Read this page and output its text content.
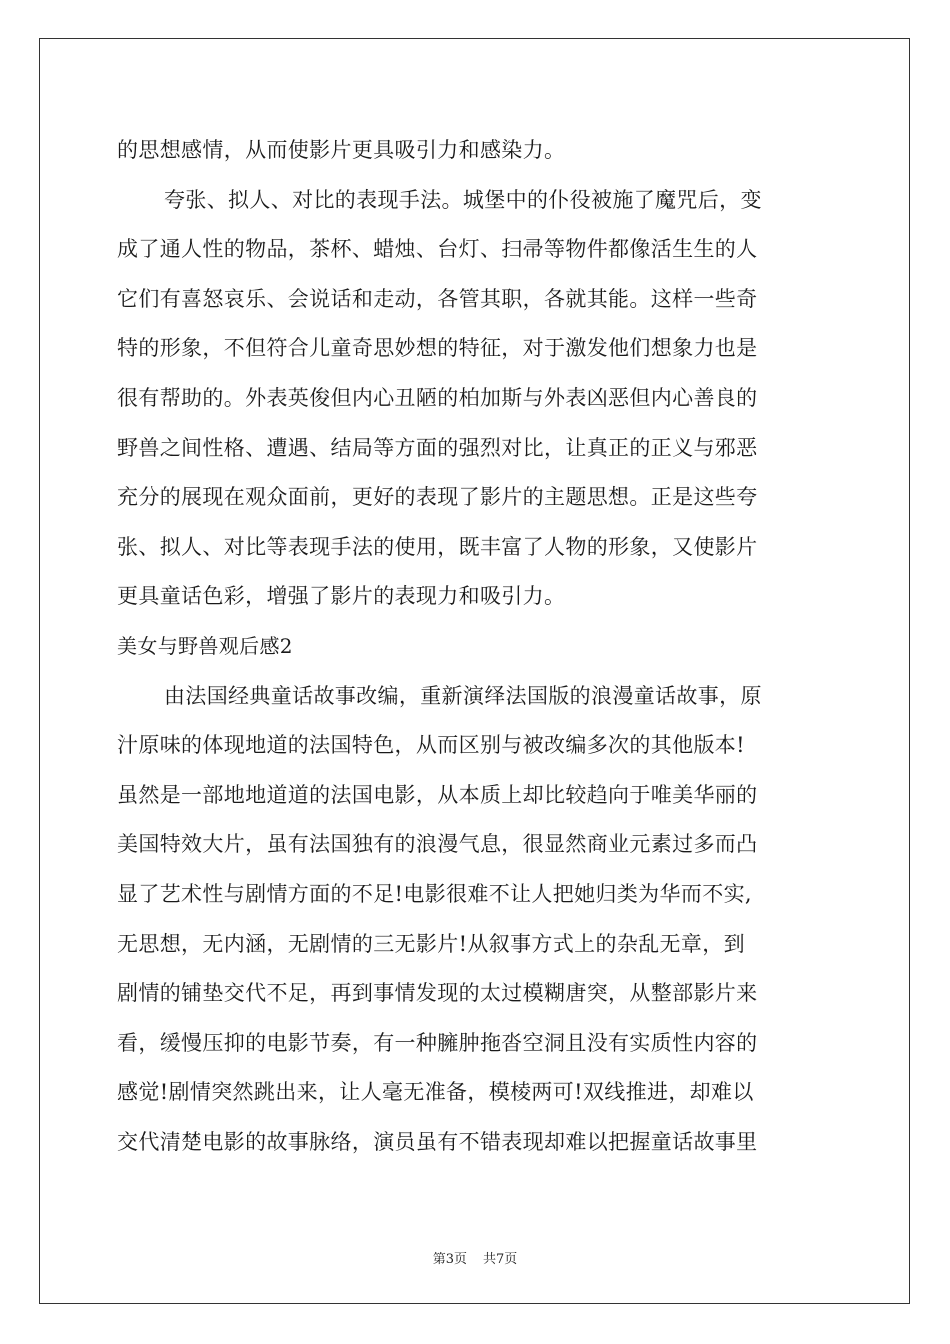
的思想感情，从而使影片更具吸引力和感染力。
夸张、拟人、对比的表现手法。城堡中的仆役被施了魔咒后，变
成了通人性的物品，茶杯、蜡烛、台灯、扫帚等物件都像活生生的人
它们有喜怒哀乐、会说话和走动，各管其职，各就其能。这样一些奇
特的形象，不但符合儿童奇思妙想的特征，对于激发他们想象力也是
很有帮助的。外表英俊但内心丑陋的柏加斯与外表凶恶但内心善良的
野兽之间性格、遭遇、结局等方面的强烈对比，让真正的正义与邪恶
充分的展现在观众面前，更好的表现了影片的主题思想。正是这些夸
张、拟人、对比等表现手法的使用，既丰富了人物的形象，又使影片
更具童话色彩，增强了影片的表现力和吸引力。
美女与野兽观后感2
由法国经典童话故事改编，重新演绎法国版的浪漫童话故事，原
汁原味的体现地道的法国特色，从而区别与被改编多次的其他版本!
虽然是一部地地道道的法国电影，从本质上却比较趋向于唯美华丽的
美国特效大片，虽有法国独有的浪漫气息，很显然商业元素过多而凸
显了艺术性与剧情方面的不足!电影很难不让人把她归类为华而不实,
无思想，无内涵，无剧情的三无影片!从叙事方式上的杂乱无章，到
剧情的铺垫交代不足，再到事情发现的太过模糊唐突，从整部影片来
看，缓慢压抑的电影节奏，有一种臃肿拖沓空洞且没有实质性内容的
感觉!剧情突然跳出来，让人毫无准备，模棱两可!双线推进，却难以
交代清楚电影的故事脉络，演员虽有不错表现却难以把握童话故事里
第3页 共7页
